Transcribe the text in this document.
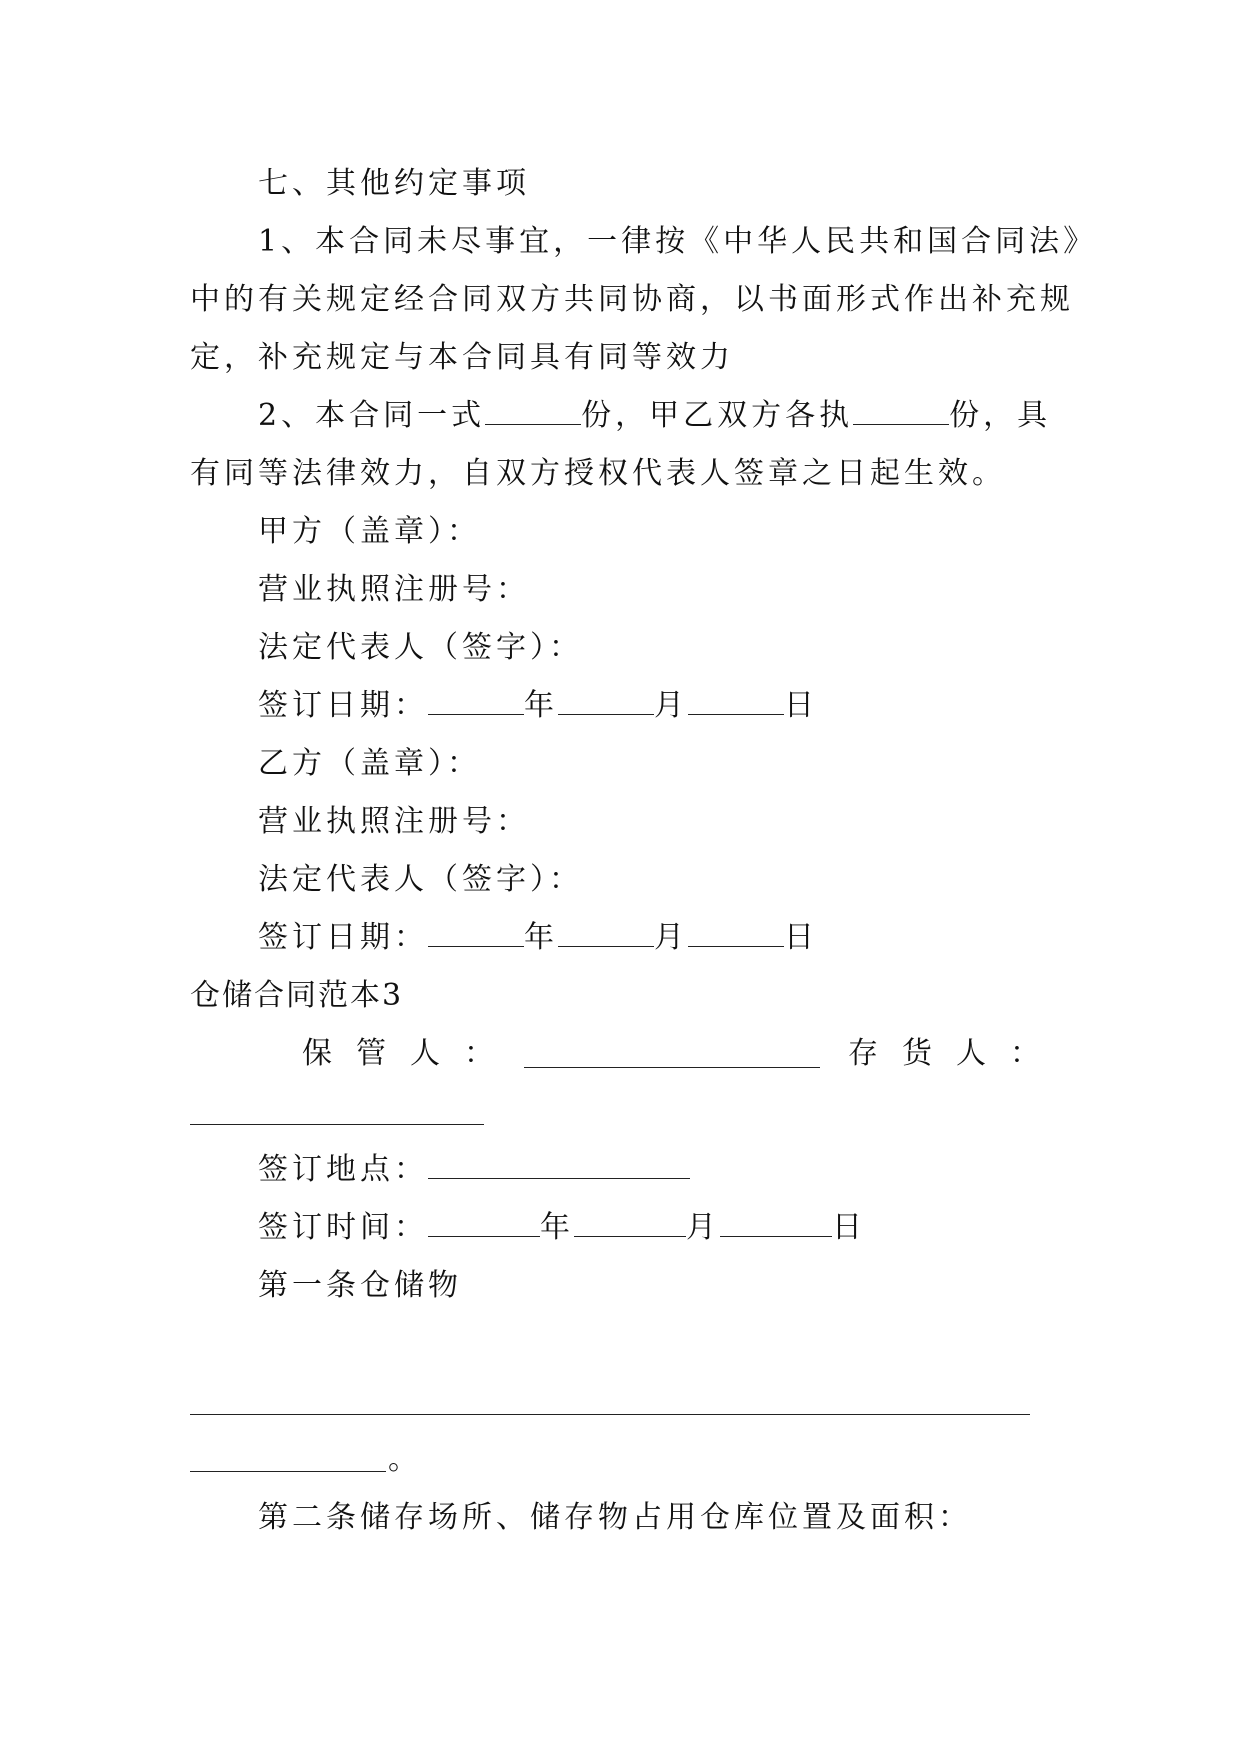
七、其他约定事项
1、本合同未尽事宜，一律按《中华人民共和国合同法》
中的有关规定经合同双方共同协商，以书面形式作出补充规
定，补充规定与本合同具有同等效力
2、本合同一式	份，甲乙双方各执	份，具
有同等法律效力，自双方授权代表人签章之日起生效。
甲方（盖章）：
营业执照注册号：
法定代表人（签字）：
签订日期：	年	月	日
乙方（盖章）：
营业执照注册号：
法定代表人（签字）：
签订日期：	年	月	日
仓储合同范本3
保管人：	存货人：
签订地点：
签订时间：	年	月	日
第一条仓储物
。
第二条储存场所、储存物占用仓库位置及面积：
